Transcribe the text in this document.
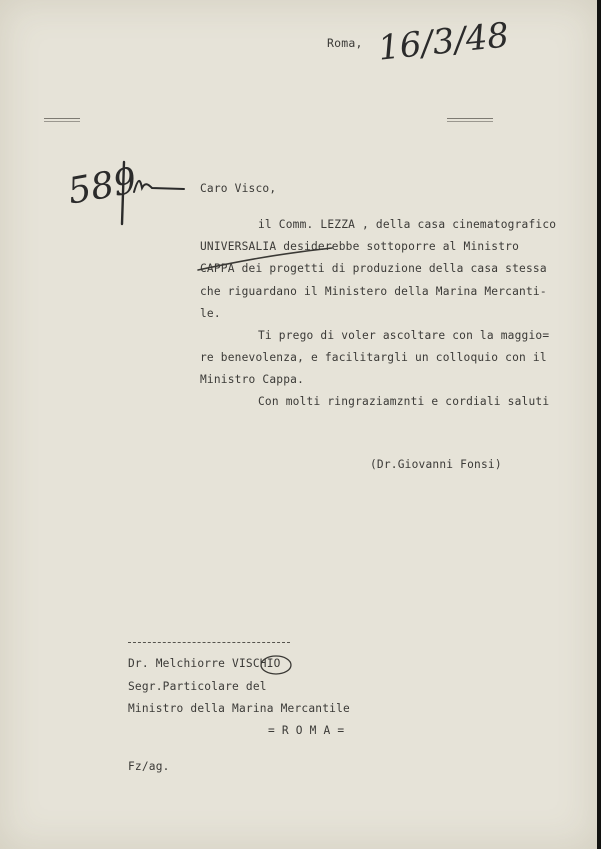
Roma, 16/3/48
589	Caro Visco,
il Comm. LEZZA , della casa cinematografico
UNIVERSALIA desiderebbe sottoporre al Ministro
CAPPA dei progetti di produzione della casa stessa
che riguardano il Ministero della Marina Mercanti-
le.
Ti prego di voler ascoltare con la maggio=
re benevolenza, e facilitargli un colloquio con il
Ministro Cappa.
Con molti ringraziamznti e cordiali saluti
(Dr.Giovanni Fonsi)
Dr. Melchiorre VISCHIO
Segr.Particolare del
Ministro della Marina Mercantile
= R O M A =
Fz/ag.
